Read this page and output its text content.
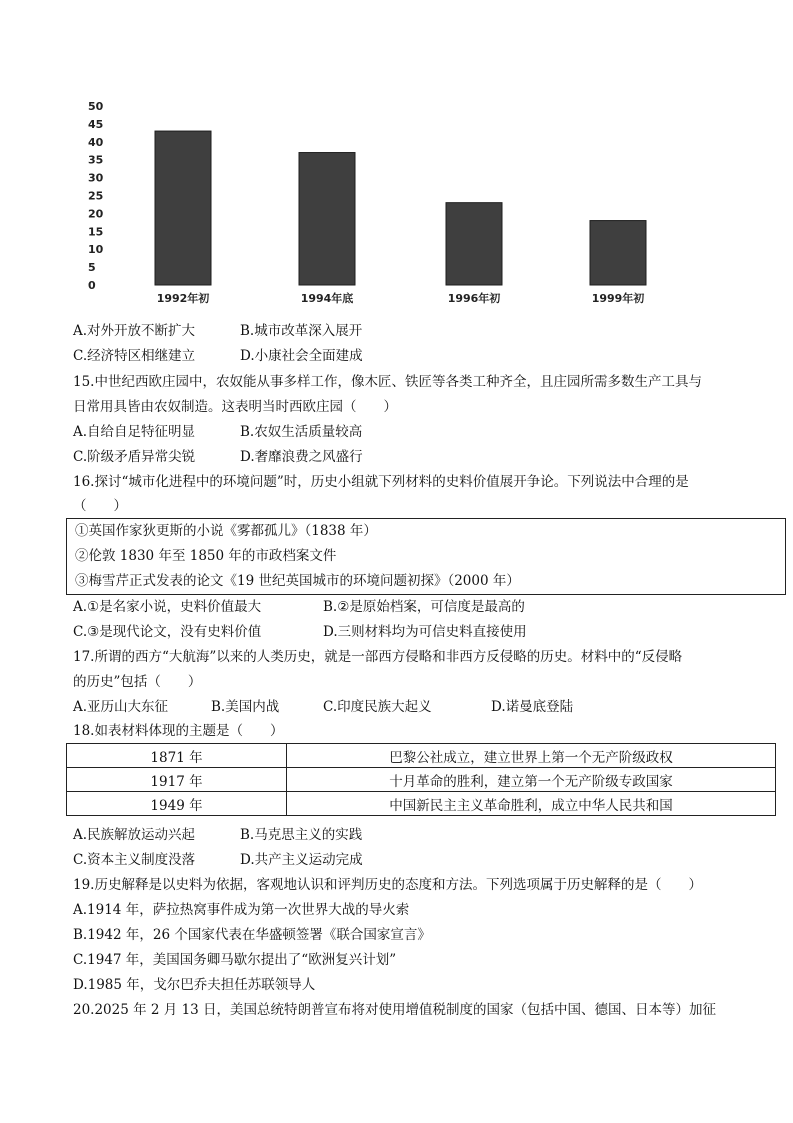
0
5
10
15
20
25
30
35
40
45
50
1992年初	1994年底	1996年初	1999年初
A.对外开放不断扩大	B.城市改革深入展开
C.经济特区相继建立	D.小康社会全面建成
15.中世纪西欧庄园中，农奴能从事多样工作，像木匠、铁匠等各类工种齐全，且庄园所需多数生产工具与
日常用具皆由农奴制造。这表明当时西欧庄园（　　）
A.自给自足特征明显	B.农奴生活质量较高
C.阶级矛盾异常尖锐	D.奢靡浪费之风盛行
16.探讨“城市化进程中的环境问题”时，历史小组就下列材料的史料价值展开争论。下列说法中合理的是
（　　）
①英国作家狄更斯的小说《雾都孤儿》（1838 年）
②伦敦 1830 年至 1850 年的市政档案文件
③梅雪芹正式发表的论文《19 世纪英国城市的环境问题初探》（2000 年）
A.①是名家小说，史料价值最大	B.②是原始档案，可信度是最高的
C.③是现代论文，没有史料价值	D.三则材料均为可信史料直接使用
17.所谓的西方“大航海”以来的人类历史，就是一部西方侵略和非西方反侵略的历史。材料中的“反侵略
的历史”包括（　　）
A.亚历山大东征	B.美国内战	C.印度民族大起义	D.诺曼底登陆
18.如表材料体现的主题是（　　）
1871 年	巴黎公社成立，建立世界上第一个无产阶级政权
1917 年	十月革命的胜利，建立第一个无产阶级专政国家
1949 年	中国新民主主义革命胜利，成立中华人民共和国
A.民族解放运动兴起	B.马克思主义的实践
C.资本主义制度没落	D.共产主义运动完成
19.历史解释是以史料为依据，客观地认识和评判历史的态度和方法。下列选项属于历史解释的是（　　）
A.1914 年，萨拉热窝事件成为第一次世界大战的导火索
B.1942 年，26 个国家代表在华盛顿签署《联合国家宣言》
C.1947 年，美国国务卿马歇尔提出了“欧洲复兴计划”
D.1985 年，戈尔巴乔夫担任苏联领导人
20.2025 年 2 月 13 日，美国总统特朗普宣布将对使用增值税制度的国家（包括中国、德国、日本等）加征
